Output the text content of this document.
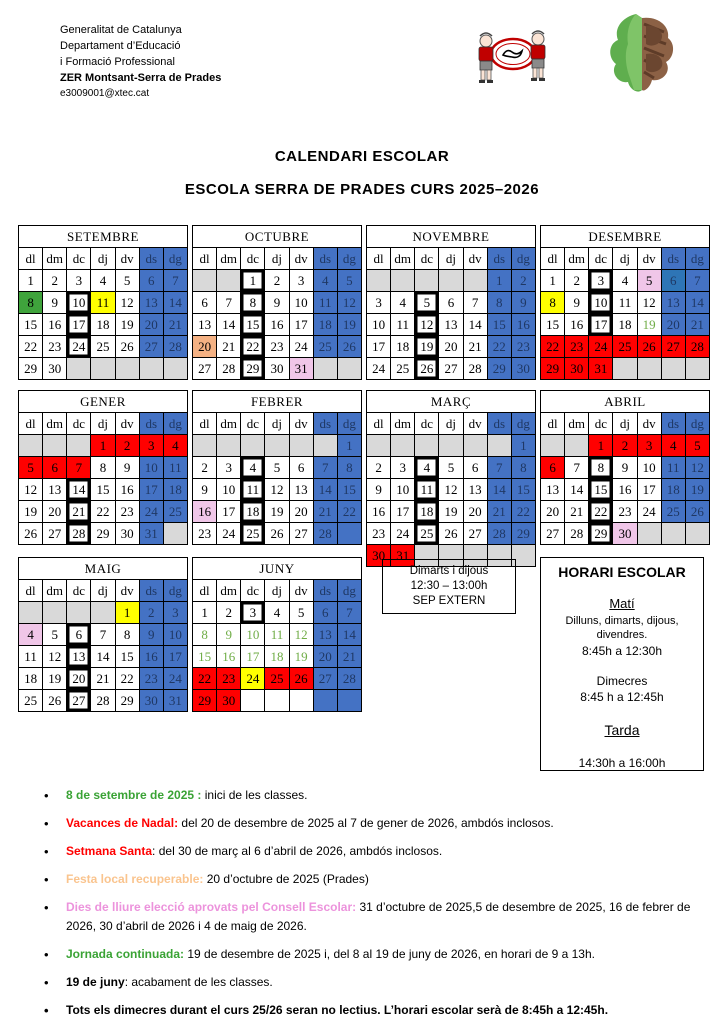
Generalitat de Catalunya
Departament d’Educació
i Formació Professional
ZER Montsant-Serra de Prades
e3009001@xtec.cat
CALENDARI ESCOLAR
ESCOLA SERRA DE PRADES CURS 2025–2026
SETEMBRE						
dl	dm	dc	dj	dv	ds	dg
1	2	3	4	5	6	7
8	9	10	11	12	13	14
15	16	17	18	19	20	21
22	23	24	25	26	27	28
29	30					
OCTUBRE						
dl	dm	dc	dj	dv	ds	dg
		1	2	3	4	5
6	7	8	9	10	11	12
13	14	15	16	17	18	19
20	21	22	23	24	25	26
27	28	29	30	31		
NOVEMBRE						
dl	dm	dc	dj	dv	ds	dg
					1	2
3	4	5	6	7	8	9
10	11	12	13	14	15	16
17	18	19	20	21	22	23
24	25	26	27	28	29	30
DESEMBRE						
dl	dm	dc	dj	dv	ds	dg
1	2	3	4	5	6	7
8	9	10	11	12	13	14
15	16	17	18	19	20	21
22	23	24	25	26	27	28
29	30	31				
GENER						
dl	dm	dc	dj	dv	ds	dg
			1	2	3	4
5	6	7	8	9	10	11
12	13	14	15	16	17	18
19	20	21	22	23	24	25
26	27	28	29	30	31	
FEBRER						
dl	dm	dc	dj	dv	ds	dg
						1
2	3	4	5	6	7	8
9	10	11	12	13	14	15
16	17	18	19	20	21	22
23	24	25	26	27	28	
MARÇ						
dl	dm	dc	dj	dv	ds	dg
						1
2	3	4	5	6	7	8
9	10	11	12	13	14	15
16	17	18	19	20	21	22
23	24	25	26	27	28	29
30	31					
ABRIL						
dl	dm	dc	dj	dv	ds	dg
		1	2	3	4	5
6	7	8	9	10	11	12
13	14	15	16	17	18	19
20	21	22	23	24	25	26
27	28	29	30			
MAIG						
dl	dm	dc	dj	dv	ds	dg
				1	2	3
4	5	6	7	8	9	10
11	12	13	14	15	16	17
18	19	20	21	22	23	24
25	26	27	28	29	30	31
JUNY						
dl	dm	dc	dj	dv	ds	dg
1	2	3	4	5	6	7
8	9	10	11	12	13	14
15	16	17	18	19	20	21
22	23	24	25	26	27	28
29	30					
Dimarts i dijous
12:30 – 13:00h
SEP EXTERN
HORARI ESCOLAR
Matí
Dilluns, dimarts, dijous, divendres.
8:45h a 12:30h
Dimecres
8:45 h a 12:45h
Tarda
14:30h a 16:00h
• 8 de setembre de 2025 : inici de les classes.
• Vacances de Nadal: del 20 de desembre de 2025 al 7 de gener de 2026, ambdós inclosos.
• Setmana Santa: del 30 de març al 6 d’abril de 2026, ambdós inclosos.
• Festa local recuperable: 20 d’octubre de 2025 (Prades)
• Dies de lliure elecció aprovats pel Consell Escolar: 31 d’octubre de 2025,5 de desembre de 2025, 16 de febrer de 2026, 30 d’abril de 2026 i 4 de maig de 2026.
• Jornada continuada: 19 de desembre de 2025 i, del 8 al 19 de juny de 2026, en horari de 9 a 13h.
• 19 de juny: acabament de les classes.
• Tots els dimecres durant el curs 25/26 seran no lectius. L’horari escolar serà de 8:45h a 12:45h.
